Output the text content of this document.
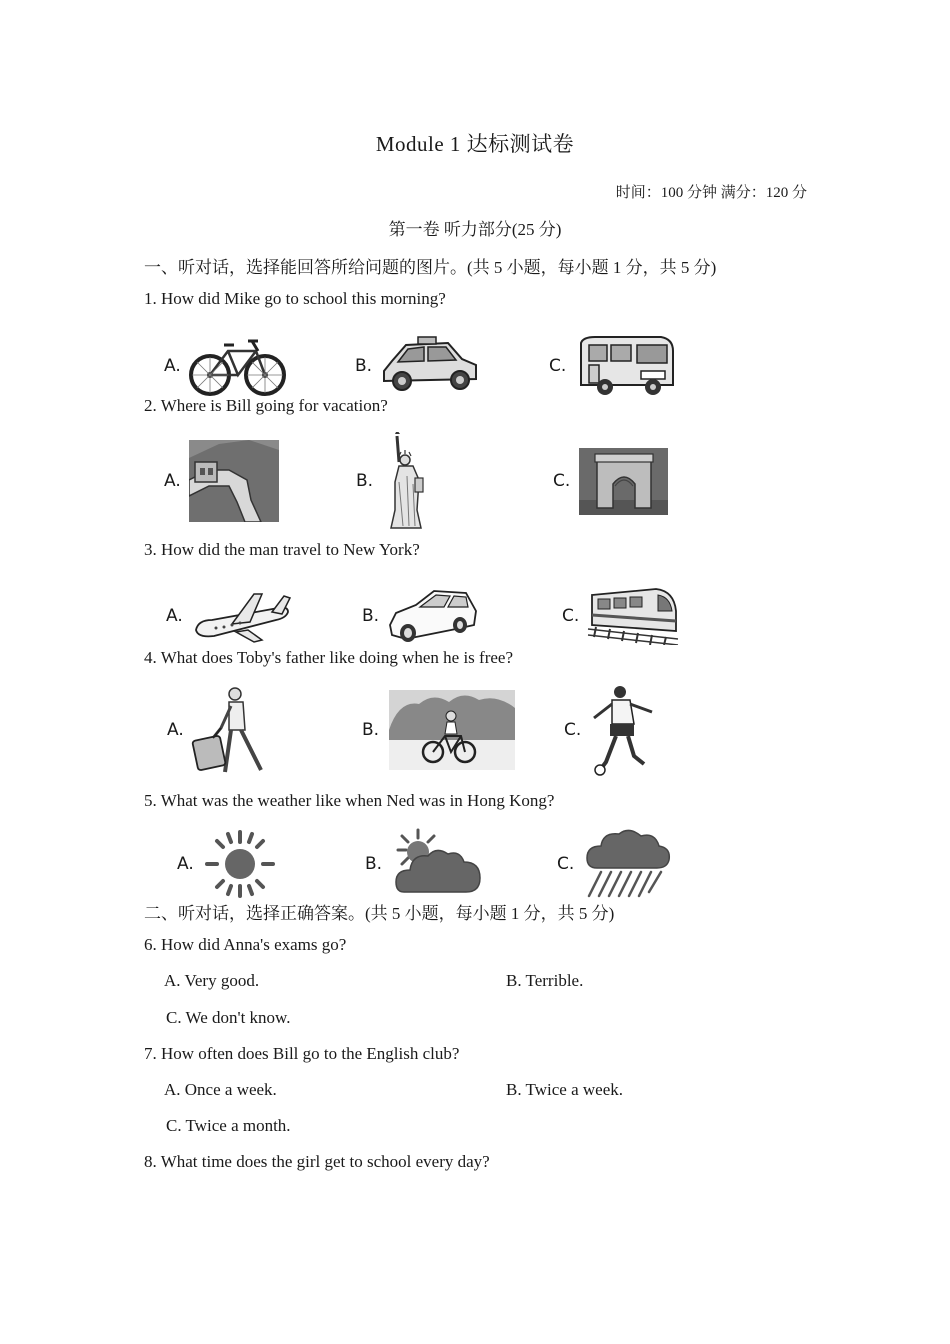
Module 1 达标测试卷
时间：100 分钟 满分：120 分
第一卷 听力部分(25 分)
一、听对话，选择能回答所给问题的图片。(共 5 小题，每小题 1 分，共 5 分)
1. How did Mike go to school this morning?
A.	B.	C.
2. Where is Bill going for vacation?
A.	B.	C.
3. How did the man travel to New York?
A.	B.	C.
4. What does Toby's father like doing when he is free?
A.	B.	C.
5. What was the weather like when Ned was in Hong Kong?
A.	B.	C.
二、听对话，选择正确答案。(共 5 小题，每小题 1 分，共 5 分)
6. How did Anna's exams go?
A. Very good.	B. Terrible.
C. We don't know.
7. How often does Bill go to the English club?
A. Once a week.	B. Twice a week.
C. Twice a month.
8. What time does the girl get to school every day?
